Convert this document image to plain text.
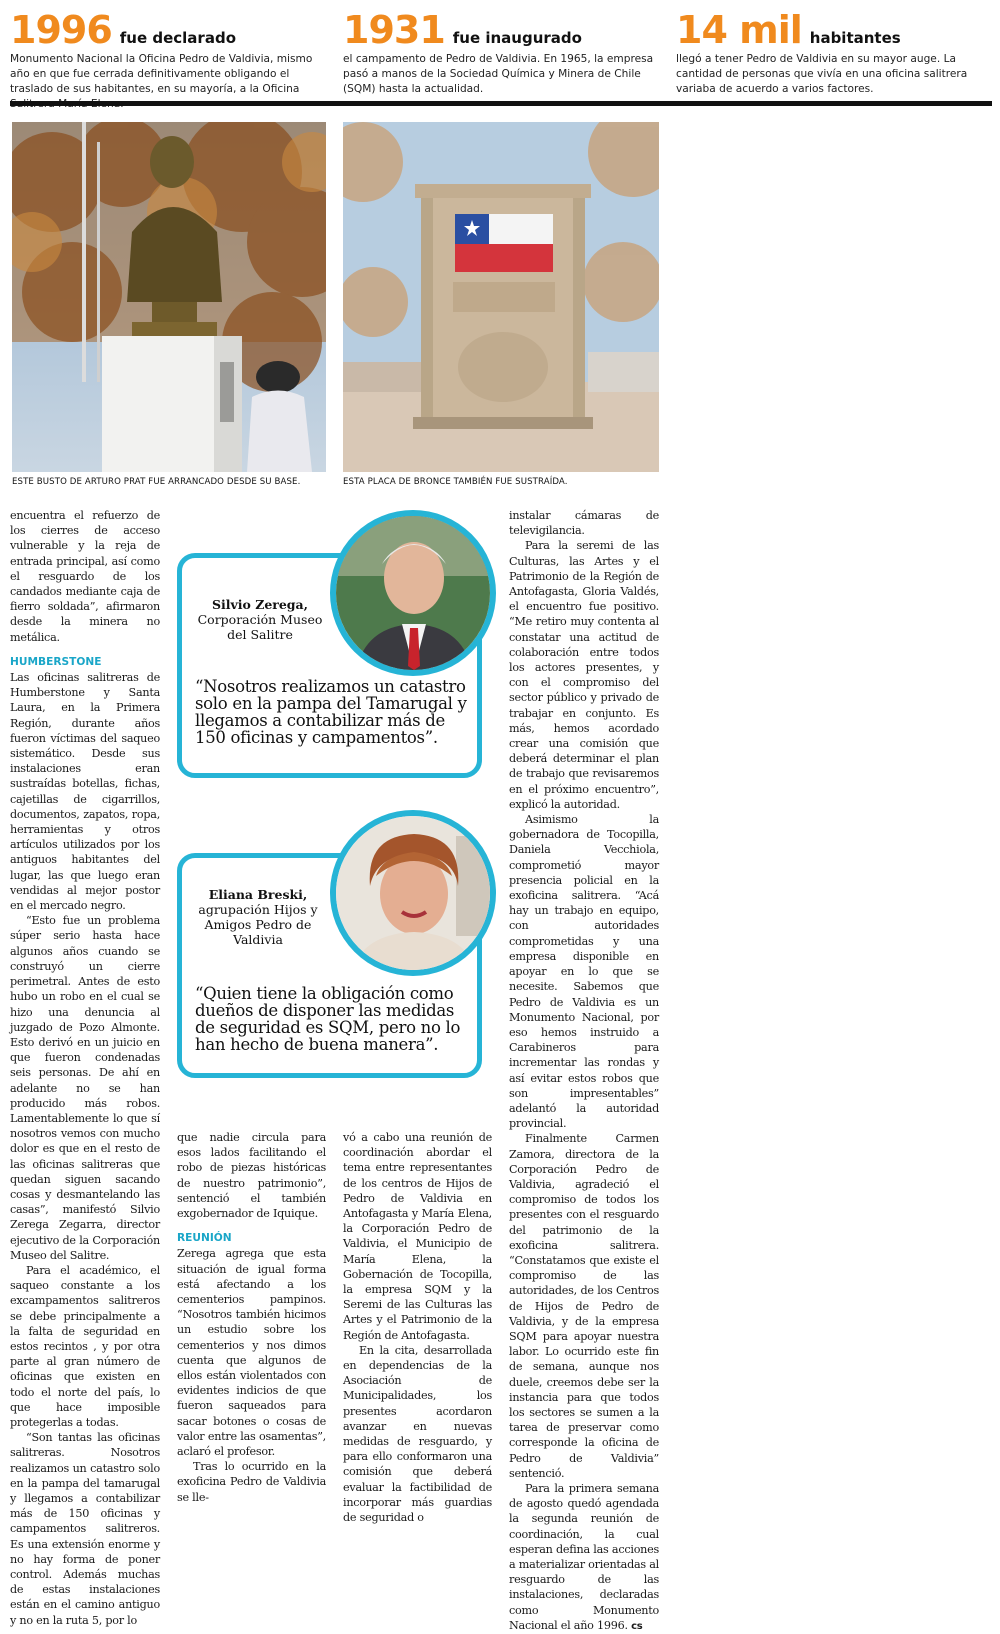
1996 fue declarado
Monumento Nacional la Oficina Pedro de Valdivia, mismo año en que fue cerrada definitivamente obligando el traslado de sus habitantes, en su mayoría, a la Oficina
1931 fue inaugurado
el campamento de Pedro de Valdivia. En 1965, la empresa pasó a manos de la Sociedad Química y Minera de Chile (SQM) hasta la actualidad.
14 mil habitantes
llegó a tener Pedro de Valdivia en su mayor auge. La cantidad de personas que vivía en una oficina salitrera variaba de acuerdo a varios factores.
ESTE BUSTO DE ARTURO PRAT FUE ARRANCADO DESDE SU BASE.	ESTA PLACA DE BRONCE TAMBIÉN FUE SUSTRAÍDA.

encuentra el refuerzo de los cierres de acceso vulnerable y la reja de entrada principal, así como el resguardo de los candados mediante caja de fierro soldada”, afirmaron desde la minera no metálica.

HUMBERSTONE

Las oficinas salitreras de Humberstone y Santa Laura, en la Primera Región, durante años fueron víctimas del saqueo sistemático. Desde sus instalaciones eran sustraídas botellas, fichas, cajetillas de cigarrillos, documentos, zapatos, ropa, herramientas y otros artículos utilizados por los antiguos habitantes del lugar, las que luego eran vendidas al mejor postor en el mercado negro.

“Esto fue un problema súper serio hasta hace algunos años cuando se construyó un cierre perimetral. Antes de esto hubo un robo en el cual se hizo una denuncia al juzgado de Pozo Almonte. Esto derivó en un juicio en que fueron condenadas seis personas. De ahí en adelante no se han producido más robos. Lamentablemente lo que sí nosotros vemos con mucho dolor es que en el resto de las oficinas salitreras que quedan siguen sacando cosas y desmantelando las casas”, manifestó Silvio Zerega Zegarra, director ejecutivo de la Corporación Museo del Salitre.

Para el académico, el saqueo constante a los excampamentos salitreros se debe principalmente a la falta de seguridad en estos recintos , y por otra parte al gran número de oficinas que existen en todo el norte del país, lo que hace imposible protegerlas a todas.

“Son tantas las oficinas salitreras. Nosotros realizamos un catastro solo en la pampa del tamarugal y llegamos a contabilizar más de 150 oficinas y campamentos salitreros. Es una extensión enorme y no hay forma de poner control. Además muchas de estas instalaciones están en el camino antiguo y no en la ruta 5, por lo

Silvio Zerega,
Corporación Museo del Salitre
“Nosotros realizamos un catastro solo en la pampa del Tamarugal y llegamos a contabilizar más de 150 oficinas y campamentos”.
Eliana Breski,
agrupación Hijos y Amigos Pedro de Valdivia
“Quien tiene la obligación como dueños de disponer las medidas de seguridad es SQM, pero no lo han hecho de buena manera”.

que nadie circula para esos lados facilitando el robo de piezas históricas de nuestro patrimonio”, sentenció el también exgobernador de Iquique.

REUNIÓN

Zerega agrega que esta situación de igual forma está afectando a los cementerios pampinos. “Nosotros también hicimos un estudio sobre los cementerios y nos dimos cuenta que algunos de ellos están violentados con evidentes indicios de que fueron saqueados para sacar botones o cosas de valor entre las osamentas”, aclaró el profesor.

Tras lo ocurrido en la exoficina Pedro de Valdivia se lle-

vó a cabo una reunión de coordinación abordar el tema entre representantes de los centros de Hijos de Pedro de Valdivia en Antofagasta y María Elena, la Corporación Pedro de Valdivia, el Municipio de María Elena, la Gobernación de Tocopilla, la empresa SQM y la Seremi de las Culturas las Artes y el Patrimonio de la Región de Antofagasta.

En la cita, desarrollada en dependencias de la Asociación de Municipalidades, los presentes acordaron avanzar en nuevas medidas de resguardo, y para ello conformaron una comisión que deberá evaluar la factibilidad de incorporar más guardias de seguridad o

instalar cámaras de televigilancia.

Para la seremi de las Culturas, las Artes y el Patrimonio de la Región de Antofagasta, Gloria Valdés, el encuentro fue positivo. “Me retiro muy contenta al constatar una actitud de colaboración entre todos los actores presentes, y con el compromiso del sector público y privado de trabajar en conjunto. Es más, hemos acordado crear una comisión que deberá determinar el plan de trabajo que revisaremos en el próximo encuentro”, explicó la autoridad.

Asimismo la gobernadora de Tocopilla, Daniela Vecchiola, comprometió mayor presencia policial en la exoficina salitrera. “Acá hay un trabajo en equipo, con autoridades comprometidas y una empresa disponible en apoyar en lo que se necesite. Sabemos que Pedro de Valdivia es un Monumento Nacional, por eso hemos instruido a Carabineros para incrementar las rondas y así evitar estos robos que son impresentables” adelantó la autoridad provincial.

Finalmente Carmen Zamora, directora de la Corporación Pedro de Valdivia, agradeció el compromiso de todos los presentes con el resguardo del patrimonio de la exoficina salitrera. “Constatamos que existe el compromiso de las autoridades, de los Centros de Hijos de Pedro de Valdivia, y de la empresa SQM para apoyar nuestra labor. Lo ocurrido este fin de semana, aunque nos duele, creemos debe ser la instancia para que todos los sectores se sumen a la tarea de preservar como corresponde la oficina de Pedro de Valdivia” sentenció.

Para la primera semana de agosto quedó agendada la segunda reunión de coordinación, la cual esperan defina las acciones a materializar orientadas al resguardo de las instalaciones, declaradas como Monumento Nacional el año 1996. cs
